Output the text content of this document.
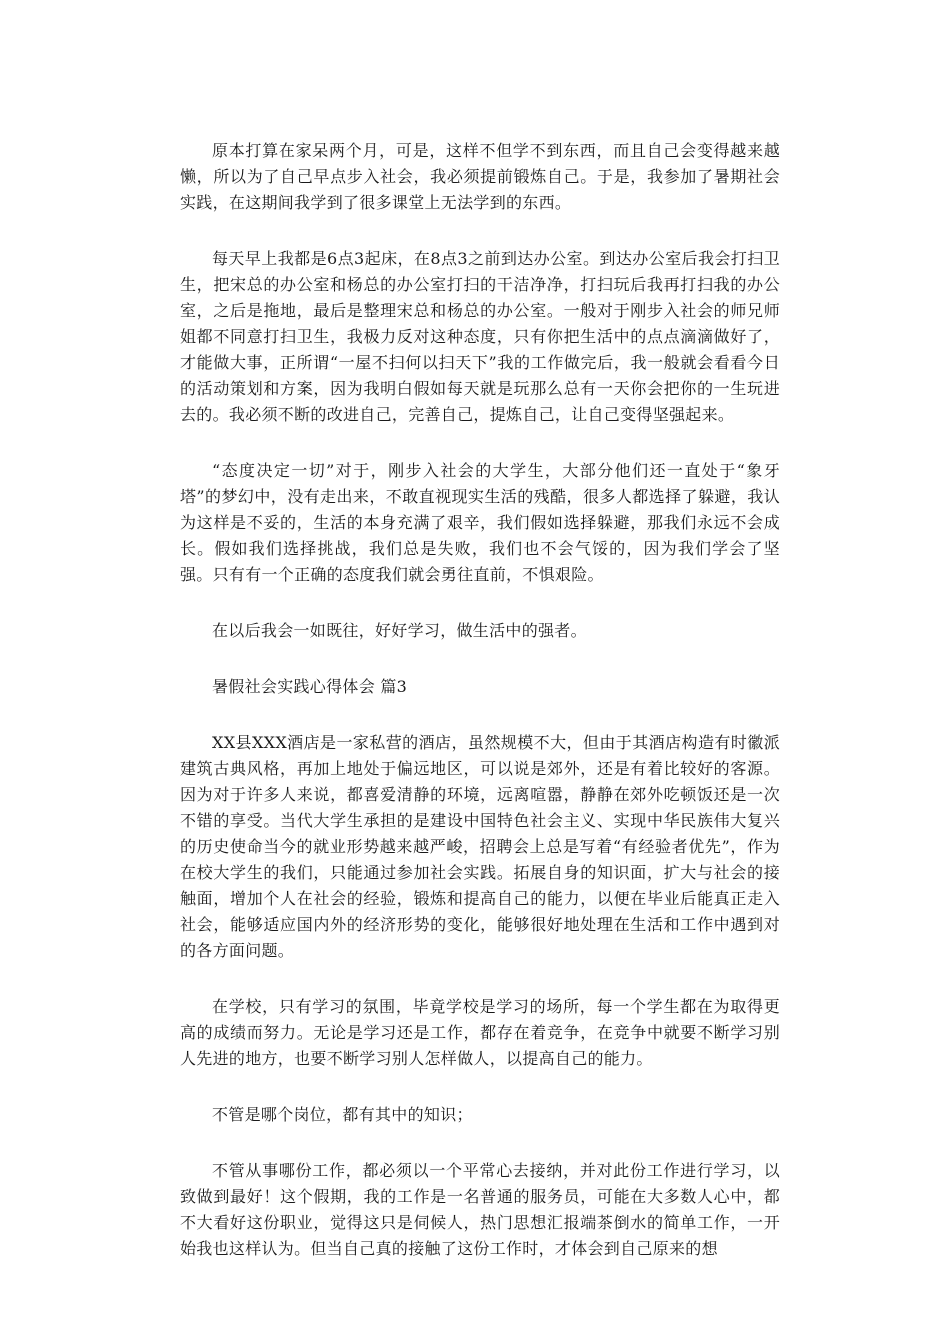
原本打算在家呆两个月，可是，这样不但学不到东西，而且自己会变得越来越懒，所以为了自己早点步入社会，我必须提前锻炼自己。于是，我参加了暑期社会实践，在这期间我学到了很多课堂上无法学到的东西。

每天早上我都是6点3起床，在8点3之前到达办公室。到达办公室后我会打扫卫生，把宋总的办公室和杨总的办公室打扫的干洁净净，打扫玩后我再打扫我的办公室，之后是拖地，最后是整理宋总和杨总的办公室。一般对于刚步入社会的师兄师姐都不同意打扫卫生，我极力反对这种态度，只有你把生活中的点点滴滴做好了，才能做大事，正所谓“一屋不扫何以扫天下”我的工作做完后，我一般就会看看今日的活动策划和方案，因为我明白假如每天就是玩那么总有一天你会把你的一生玩进去的。我必须不断的改进自己，完善自己，提炼自己，让自己变得坚强起来。

“态度决定一切”对于，刚步入社会的大学生，大部分他们还一直处于“象牙塔”的梦幻中，没有走出来，不敢直视现实生活的残酷，很多人都选择了躲避，我认为这样是不妥的，生活的本身充满了艰辛，我们假如选择躲避，那我们永远不会成长。假如我们选择挑战，我们总是失败，我们也不会气馁的，因为我们学会了坚强。只有有一个正确的态度我们就会勇往直前，不惧艰险。

在以后我会一如既往，好好学习，做生活中的强者。

暑假社会实践心得体会 篇3

XX县XXX酒店是一家私营的酒店，虽然规模不大，但由于其酒店构造有时徽派建筑古典风格，再加上地处于偏远地区，可以说是郊外，还是有着比较好的客源。因为对于许多人来说，都喜爱清静的环境，远离喧嚣，静静在郊外吃顿饭还是一次不错的享受。当代大学生承担的是建设中国特色社会主义、实现中华民族伟大复兴的历史使命当今的就业形势越来越严峻，招聘会上总是写着“有经验者优先”，作为在校大学生的我们，只能通过参加社会实践。拓展自身的知识面，扩大与社会的接触面，增加个人在社会的经验，锻炼和提高自己的能力，以便在毕业后能真正走入社会，能够适应国内外的经济形势的变化，能够很好地处理在生活和工作中遇到对的各方面问题。

在学校，只有学习的氛围，毕竟学校是学习的场所，每一个学生都在为取得更高的成绩而努力。无论是学习还是工作，都存在着竞争，在竞争中就要不断学习别人先进的地方，也要不断学习别人怎样做人，以提高自己的能力。

不管是哪个岗位，都有其中的知识；

不管从事哪份工作，都必须以一个平常心去接纳，并对此份工作进行学习，以致做到最好！这个假期，我的工作是一名普通的服务员，可能在大多数人心中，都不大看好这份职业，觉得这只是伺候人，热门思想汇报端茶倒水的简单工作，一开始我也这样认为。但当自己真的接触了这份工作时，才体会到自己原来的想
